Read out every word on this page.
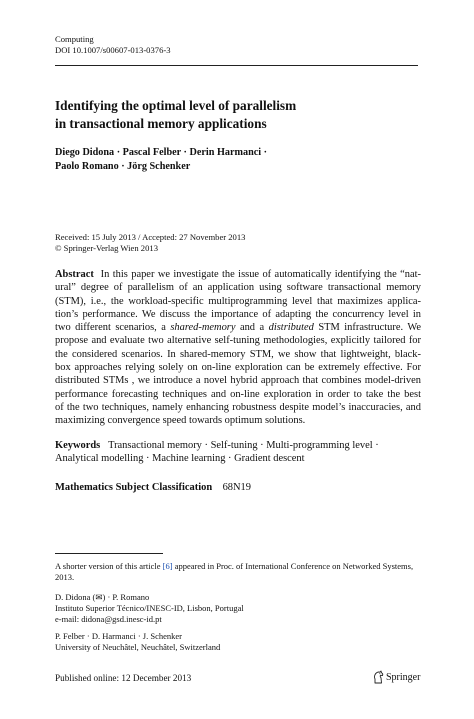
Computing
DOI 10.1007/s00607-013-0376-3
Identifying the optimal level of parallelism
in transactional memory applications
Diego Didona · Pascal Felber · Derin Harmanci ·
Paolo Romano · Jörg Schenker
Received: 15 July 2013 / Accepted: 27 November 2013
© Springer-Verlag Wien 2013
Abstract In this paper we investigate the issue of automatically identifying the “nat-
ural” degree of parallelism of an application using software transactional memory
(STM), i.e., the workload-specific multiprogramming level that maximizes applica-
tion’s performance. We discuss the importance of adapting the concurrency level in
two different scenarios, a shared-memory and a distributed STM infrastructure. We
propose and evaluate two alternative self-tuning methodologies, explicitly tailored for
the considered scenarios. In shared-memory STM, we show that lightweight, black-
box approaches relying solely on on-line exploration can be extremely effective. For
distributed STMs , we introduce a novel hybrid approach that combines model-driven
performance forecasting techniques and on-line exploration in order to take the best
of the two techniques, namely enhancing robustness despite model’s inaccuracies, and
maximizing convergence speed towards optimum solutions.
Keywords Transactional memory · Self-tuning · Multi-programming level ·
Analytical modelling · Machine learning · Gradient descent
Mathematics Subject Classification 68N19
A shorter version of this article [6] appeared in Proc. of International Conference on Networked Systems,
2013.
D. Didona (✉) · P. Romano
Instituto Superior Técnico/INESC-ID, Lisbon, Portugal
e-mail: didona@gsd.inesc-id.pt
P. Felber · D. Harmanci · J. Schenker
University of Neuchâtel, Neuchâtel, Switzerland
Published online: 12 December 2013	Springer
